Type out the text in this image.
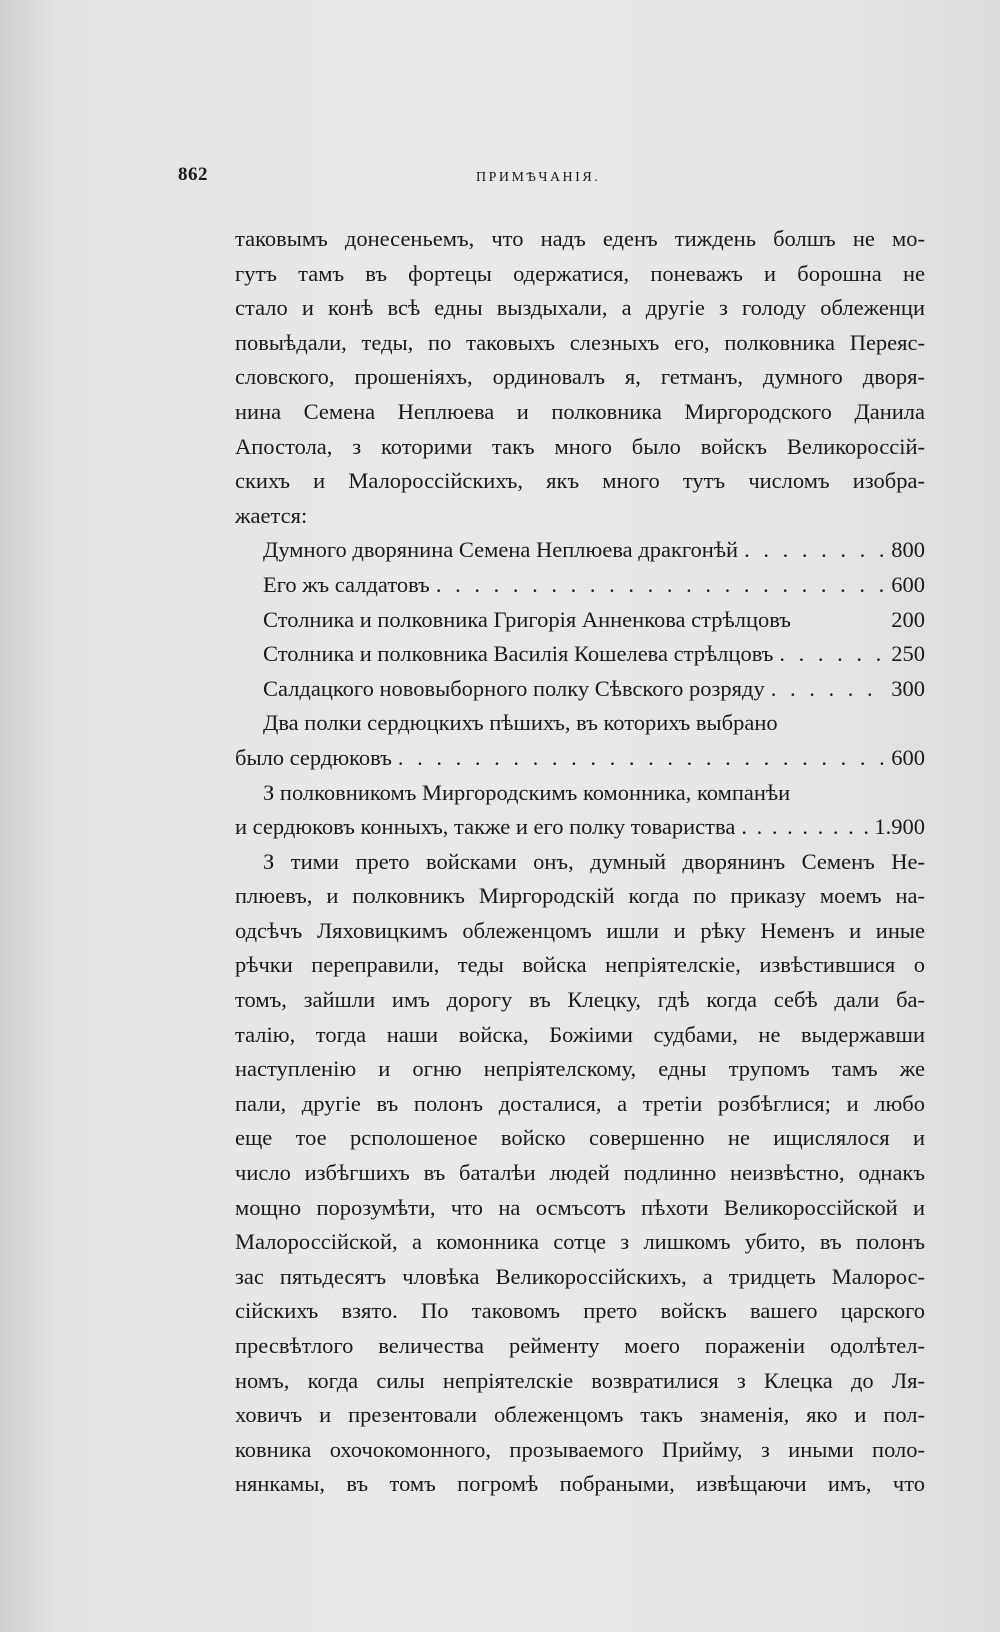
862	ПРИМѢЧАНІЯ.
таковымъ донесеньемъ, что надъ еденъ тиждень болшъ не мо-
гутъ тамъ въ фортецы одержатися, поневажъ и борошна не
стало и конѣ всѣ едны выздыхали, а другіе з голоду облеженци
повыѣдали, теды, по таковыхъ слезныхъ его, полковника Переяс-
словского, прошеніяхъ, ординовалъ я, гетманъ, думного дворя-
нина Семена Неплюева и полковника Миргородского Данила
Апостола, з которими такъ много было войскъ Великороссій-
скихъ и Малороссійскихъ, якъ много тутъ числомъ изобра-
жается:
Думного дворянина Семена Неплюева дракгонѣй . . .	800
Его жъ салдатовъ . . .	600
Столника и полковника Григорія Анненкова стрѣлцовъ	200
Столника и полковника Василія Кошелева стрѣлцовъ . . .	250
Салдацкого нововыборного полку Сѣвского розряду . . .	300
Два полки сердюцкихъ пѣшихъ, въ которихъ выбрано
было сердюковъ . . .	600
З полковникомъ Миргородскимъ комонника, компанѣи
и сердюковъ конныхъ, также и его полку товариства . . .	1.900
З тими прето войсками онъ, думный дворянинъ Семенъ Не-
плюевъ, и полковникъ Миргородскій когда по приказу моемъ на-
одсѣчъ Ляховицкимъ облеженцомъ ишли и рѣку Неменъ и иные
рѣчки переправили, теды войска непріятелскіе, извѣстившися о
томъ, зайшли имъ дорогу въ Клецку, гдѣ когда себѣ дали ба-
талію, тогда наши войска, Божіими судбами, не выдержавши
наступленію и огню непріятелскому, едны трупомъ тамъ же
пали, другіе въ полонъ досталися, а третіи розбѣглися; и любо
еще тое рсполошеное войско совершенно не ищислялося и
число избѣгшихъ въ баталѣи людей подлинно неизвѣстно, однакъ
мощно порозумѣти, что на осмъсотъ пѣхоти Великороссійской и
Малороссійской, а комонника сотце з лишкомъ убито, въ полонъ
зас пятьдесятъ чловѣка Великороссійскихъ, а тридцеть Малорос-
сійскихъ взято. По таковомъ прето войскъ вашего царского
пресвѣтлого величества рейменту моего пораженіи одолѣтел-
номъ, когда силы непріятелскіе возвратилися з Клецка до Ля-
ховичъ и презентовали облеженцомъ такъ знаменія, яко и пол-
ковника охочокомонного, прозываемого Прийму, з иными поло-
нянкамы, въ томъ погромѣ побраными, извѣщаючи имъ, что
